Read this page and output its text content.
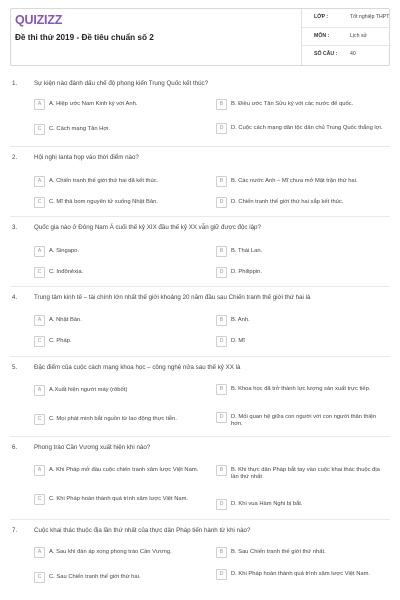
QUIZIZZ
Đề thi thử 2019 - Đề tiêu chuẩn số 2
LỚP :	Tốt nghiệp THPT
MÔN :	Lịch sử
SỐ CÂU : 40
1.	Sự kiện nào đánh dấu chế độ phong kiến Trung Quốc kết thúc?
A	A. Hiệp ước Nam Kinh ký với Anh.	B	B. Điều ước Tân Sửu ký với các nước đế quốc.
C	C. Cách mạng Tân Hợi.	D	D. Cuộc cách mạng dân tộc dân chủ Trung Quốc thắng lợi.
2.	Hội nghị Ianta họp vào thời điểm nào?
A	A. Chiến tranh thế giới thứ hai đã kết thúc.	B	B. Các nước Anh – Mĩ chưa mở Mặt trận thứ hai.
C	C. Mĩ thả bom nguyên tử xuống Nhật Bản.	D	D. Chiến tranh thế giới thứ hai sắp kết thúc.
3.	Quốc gia nào ở Đông Nam Á cuối thế kỷ XIX đầu thế kỷ XX vẫn giữ được độc lập?
A	A. Singapo.	B	B. Thái Lan.
C	C. Inđônêxia.	D	D. Philippin.
4.	Trung tâm kinh tế – tài chính lớn nhất thế giới khoảng 20 năm đầu sau Chiến tranh thế giới thứ hai là
A	A. Nhật Bản.	B	B. Anh.
C	C. Pháp.	D	D. Mĩ
5.	Đặc điểm của cuộc cách mạng khoa học – công nghệ nửa sau thế kỷ XX là
A	A.Xuất hiện người máy (rôbốt)	B	B. Khoa học đã trở thành lực lượng sản xuất trực tiếp.
C	C. Mọi phát minh bắt nguồn từ lao động thực tiễn.	D	D. Mối quan hệ giữa con người với con người thân thiện hơn.
6.	Phong trào Cần Vương xuất hiện khi nào?
A	A. Khi Pháp mở đầu cuộc chiến tranh xâm lược Việt Nam.	B	B. Khi thực dân Pháp bắt tay vào cuộc khai thác thuộc địa lần thứ nhất
C	C. Khi Pháp hoàn thành quá trình xâm lược Việt Nam.
D	D. Khi vua Hàm Nghi bị bắt.
7.	Cuộc khai thác thuộc địa lần thứ nhất của thực dân Pháp tiến hành từ khi nào?
A	A. Sau khi đàn áp xong phong trào Cần Vương.	B	B. Sau Chiến tranh thế giới thứ nhất.
C	C. Sau Chiến tranh thế giới thứ hai.	D	D. Khi Pháp hoàn thành quá trình xâm lược Việt Nam.
